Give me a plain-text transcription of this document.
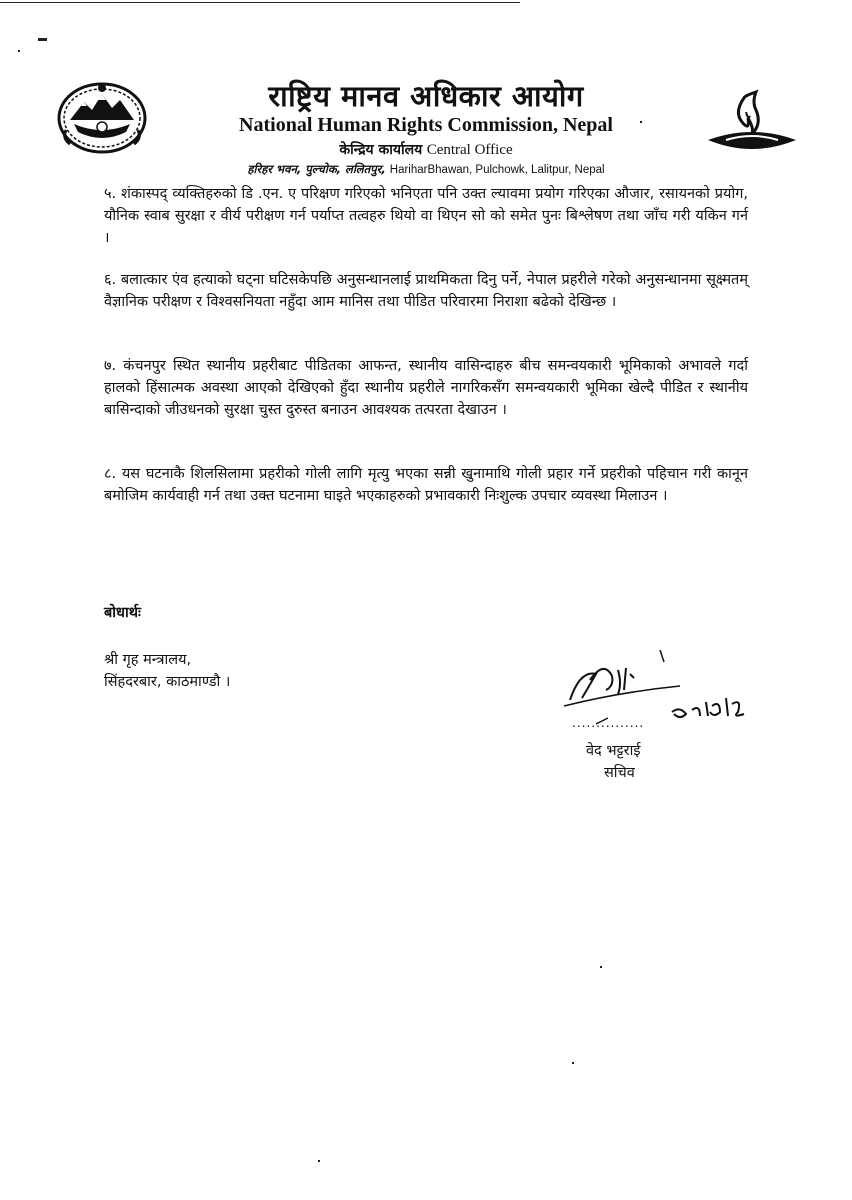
राष्ट्रिय मानव अधिकार आयोग
National Human Rights Commission, Nepal
केन्द्रिय कार्यालय Central Office
हरिहर भवन, पुल्चोक, ललितपुर, HariharBhawan, Pulchowk, Lalitpur, Nepal
५. शंकास्पद् व्यक्तिहरुको डि .एन. ए परिक्षण गरिएको भनिएता पनि उक्त ल्यावमा प्रयोग गरिएका औजार, रसायनको प्रयोग, यौनिक स्वाब सुरक्षा र वीर्य परीक्षण गर्न पर्याप्त तत्वहरु थियो वा थिएन सो को समेत पुनः बिश्लेषण तथा जाँच गरी यकिन गर्न ।
६. बलात्कार एंव हत्याको घट्ना घटिसकेपछि अनुसन्धानलाई प्राथमिकता दिनु पर्ने, नेपाल प्रहरीले गरेको अनुसन्धानमा सूक्ष्मतम् वैज्ञानिक परीक्षण र विश्वसनियता नहुँदा आम मानिस तथा पीडित परिवारमा निराशा बढेको देखिन्छ ।
७. कंचनपुर स्थित स्थानीय प्रहरीबाट पीडितका आफन्त, स्थानीय वासिन्दाहरु बीच समन्वयकारी भूमिकाको अभावले गर्दा हालको हिंसात्मक अवस्था आएको देखिएको हुँदा स्थानीय प्रहरीले नागरिकसँग समन्वयकारी भूमिका खेल्दै पीडित र स्थानीय बासिन्दाको जीउधनको सुरक्षा चुस्त दुरुस्त बनाउन आवश्यक तत्परता देखाउन ।
८. यस घटनाकै शिलसिलामा प्रहरीको गोली लागि मृत्यु भएका सन्नी खुनामाथि गोली प्रहार गर्ने प्रहरीको पहिचान गरी कानून बमोजिम कार्यवाही गर्न तथा उक्त घटनामा घाइते भएकाहरुको प्रभावकारी निःशुल्क उपचार व्यवस्था मिलाउन ।
बोधार्थः
श्री गृह मन्त्रालय,
सिंहदरबार, काठमाण्डौ ।
...............
वेद भट्टराई
सचिव
